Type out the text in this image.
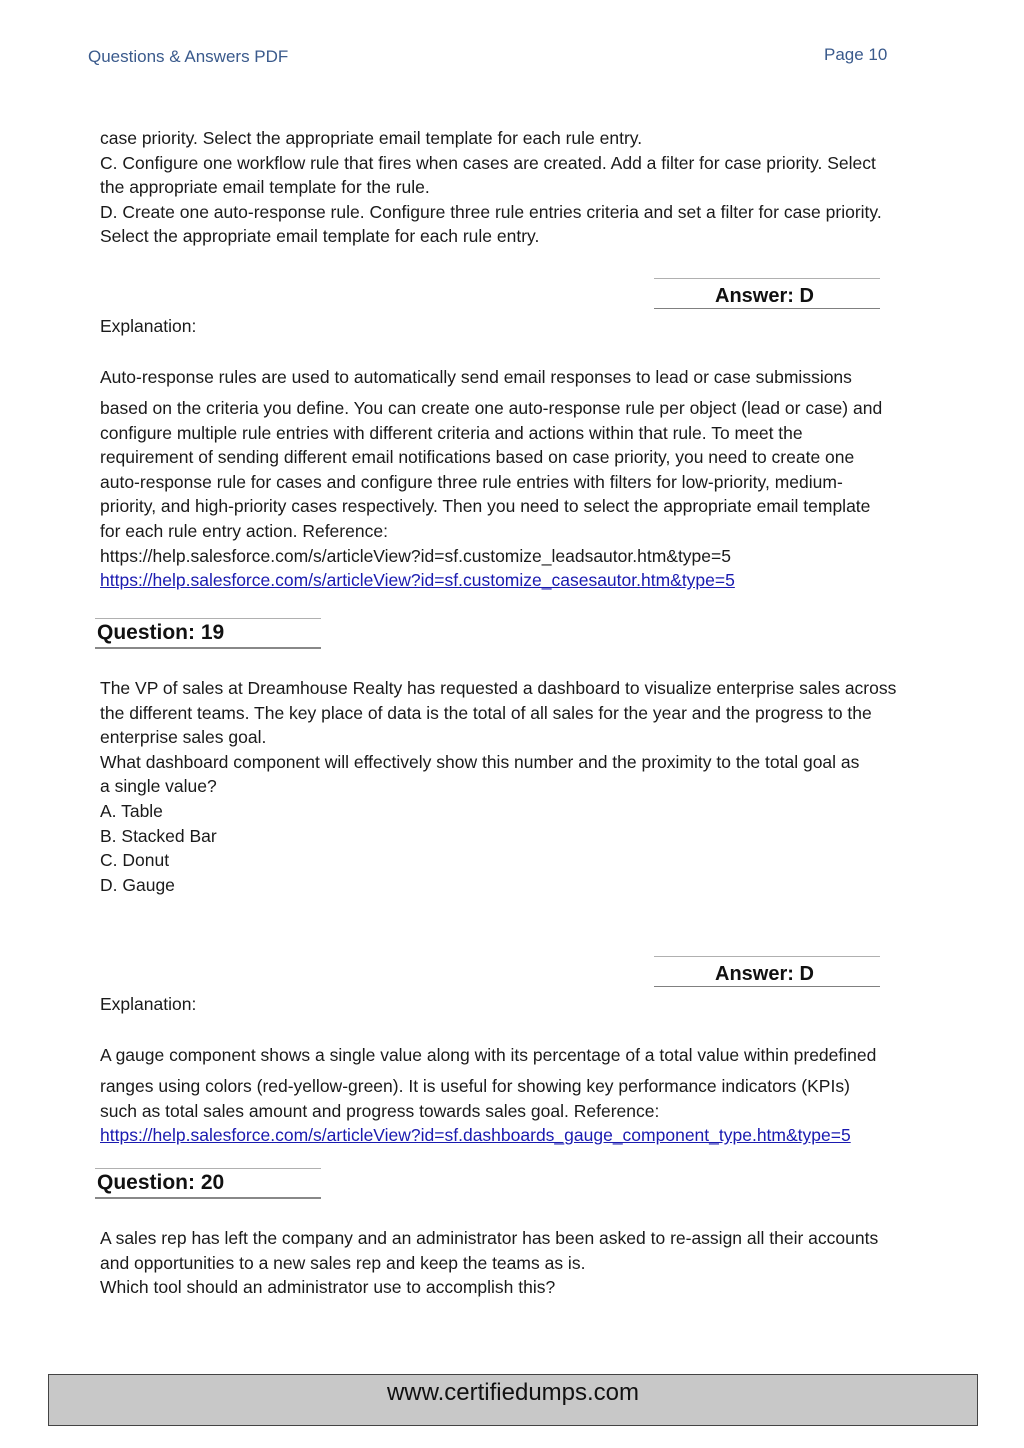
Questions & Answers PDF	Page 10
case priority. Select the appropriate email template for each rule entry.
C. Configure one workflow rule that fires when cases are created. Add a filter for case priority. Select
the appropriate email template for the rule.
D. Create one auto-response rule. Configure three rule entries criteria and set a filter for case priority.
Select the appropriate email template for each rule entry.
Answer: D
Explanation:
Auto-response rules are used to automatically send email responses to lead or case submissions
based on the criteria you define. You can create one auto-response rule per object (lead or case) and
configure multiple rule entries with different criteria and actions within that rule. To meet the
requirement of sending different email notifications based on case priority, you need to create one
auto-response rule for cases and configure three rule entries with filters for low-priority, medium-
priority, and high-priority cases respectively. Then you need to select the appropriate email template
for each rule entry action. Reference:
https://help.salesforce.com/s/articleView?id=sf.customize_leadsautor.htm&type=5
https://help.salesforce.com/s/articleView?id=sf.customize_casesautor.htm&type=5
Question: 19
The VP of sales at Dreamhouse Realty has requested a dashboard to visualize enterprise sales across
the different teams. The key place of data is the total of all sales for the year and the progress to the
enterprise sales goal.
What dashboard component will effectively show this number and the proximity to the total goal as
a single value?
A. Table
B. Stacked Bar
C. Donut
D. Gauge
Answer: D
Explanation:
A gauge component shows a single value along with its percentage of a total value within predefined
ranges using colors (red-yellow-green). It is useful for showing key performance indicators (KPIs)
such as total sales amount and progress towards sales goal. Reference:
https://help.salesforce.com/s/articleView?id=sf.dashboards_gauge_component_type.htm&type=5
Question: 20
A sales rep has left the company and an administrator has been asked to re-assign all their accounts
and opportunities to a new sales rep and keep the teams as is.
Which tool should an administrator use to accomplish this?
www.certifiedumps.com
